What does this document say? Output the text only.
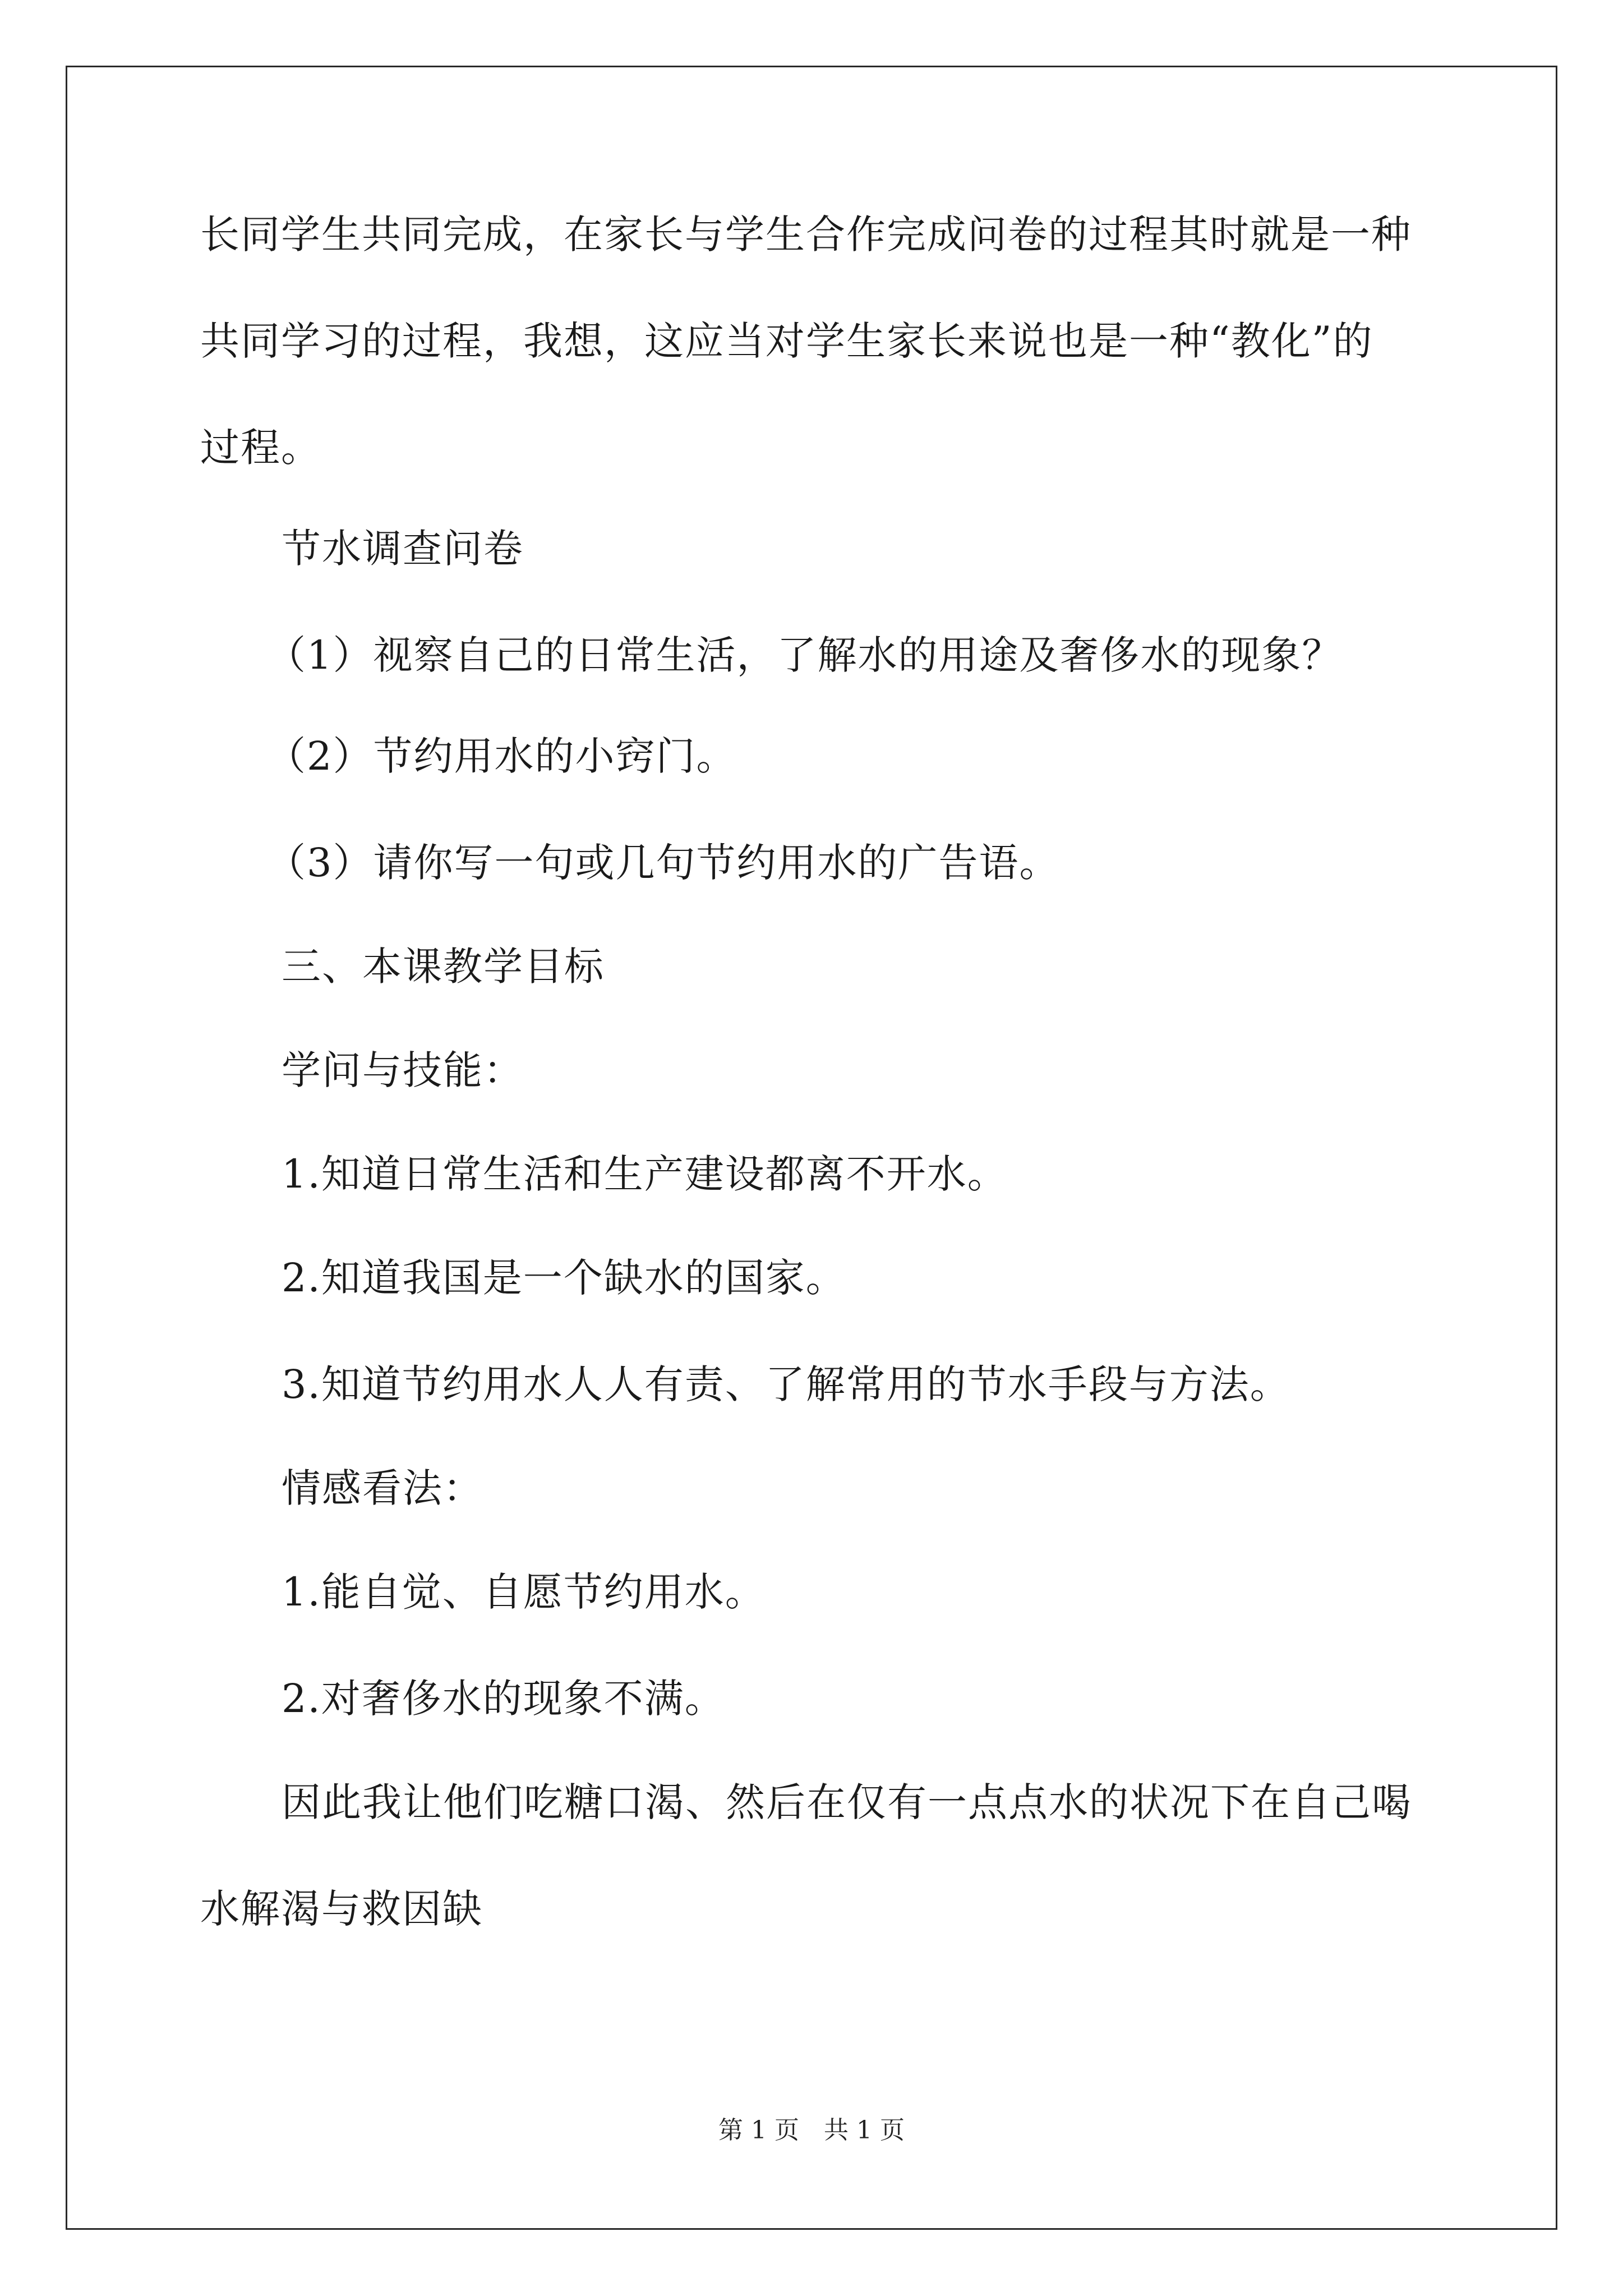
长同学生共同完成，在家长与学生合作完成问卷的过程其时就是一种
共同学习的过程，我想，这应当对学生家长来说也是一种“教化”的
过程。
节水调查问卷
（1）视察自己的日常生活，了解水的用途及奢侈水的现象？
（2）节约用水的小窍门。
（3）请你写一句或几句节约用水的广告语。
三、本课教学目标
学问与技能：
1.知道日常生活和生产建设都离不开水。
2.知道我国是一个缺水的国家。
3.知道节约用水人人有责、了解常用的节水手段与方法。
情感看法：
1.能自觉、自愿节约用水。
2.对奢侈水的现象不满。
因此我让他们吃糖口渴、然后在仅有一点点水的状况下在自己喝
水解渴与救因缺
第 1 页　共 1 页
